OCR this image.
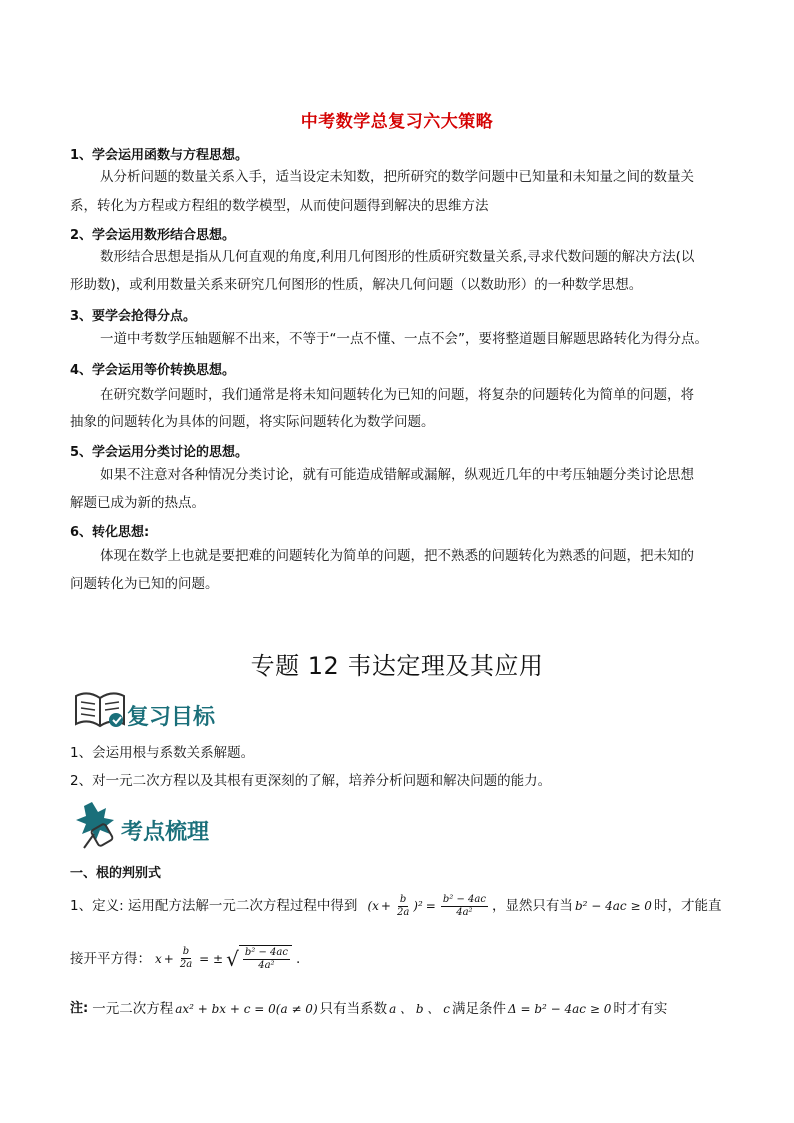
中考数学总复习六大策略
1、学会运用函数与方程思想。
从分析问题的数量关系入手，适当设定未知数，把所研究的数学问题中已知量和未知量之间的数量关
系，转化为方程或方程组的数学模型，从而使问题得到解决的思维方法
2、学会运用数形结合思想。
数形结合思想是指从几何直观的角度,利用几何图形的性质研究数量关系,寻求代数问题的解决方法(以
形助数)，或利用数量关系来研究几何图形的性质，解决几何问题（以数助形）的一种数学思想。
3、要学会抢得分点。
一道中考数学压轴题解不出来，不等于“一点不懂、一点不会”，要将整道题目解题思路转化为得分点。
4、学会运用等价转换思想。
在研究数学问题时，我们通常是将未知问题转化为已知的问题，将复杂的问题转化为简单的问题，将
抽象的问题转化为具体的问题，将实际问题转化为数学问题。
5、学会运用分类讨论的思想。
如果不注意对各种情况分类讨论，就有可能造成错解或漏解，纵观近几年的中考压轴题分类讨论思想
解题已成为新的热点。
6、转化思想:
体现在数学上也就是要把难的问题转化为简单的问题，把不熟悉的问题转化为熟悉的问题，把未知的
问题转化为已知的问题。
专题 12 韦达定理及其应用
复习目标
1、会运用根与系数关系解题。
2、对一元二次方程以及其根有更深刻的了解，培养分析问题和解决问题的能力。
考点梳理
一、根的判别式
1、定义: 运用配方法解一元二次方程过程中得到 ( $x + \frac{b}{2a} )^2 = \frac{\text{b² − 4ac}}{\text{4a²}}$ ，显然只有当 b² − 4ac ≥ 0 时，才能直
接开平方得： $x + \frac{b}{2a}$ = ± √ $\frac{\text{b² − 4ac}}{\text{4a²}}$ .
注: 一元二次方程 ax² + bx + c = 0(a ≠ 0) 只有当系数 a 、 b 、 c 满足条件 Δ = b² − 4ac ≥ 0 时才有实
